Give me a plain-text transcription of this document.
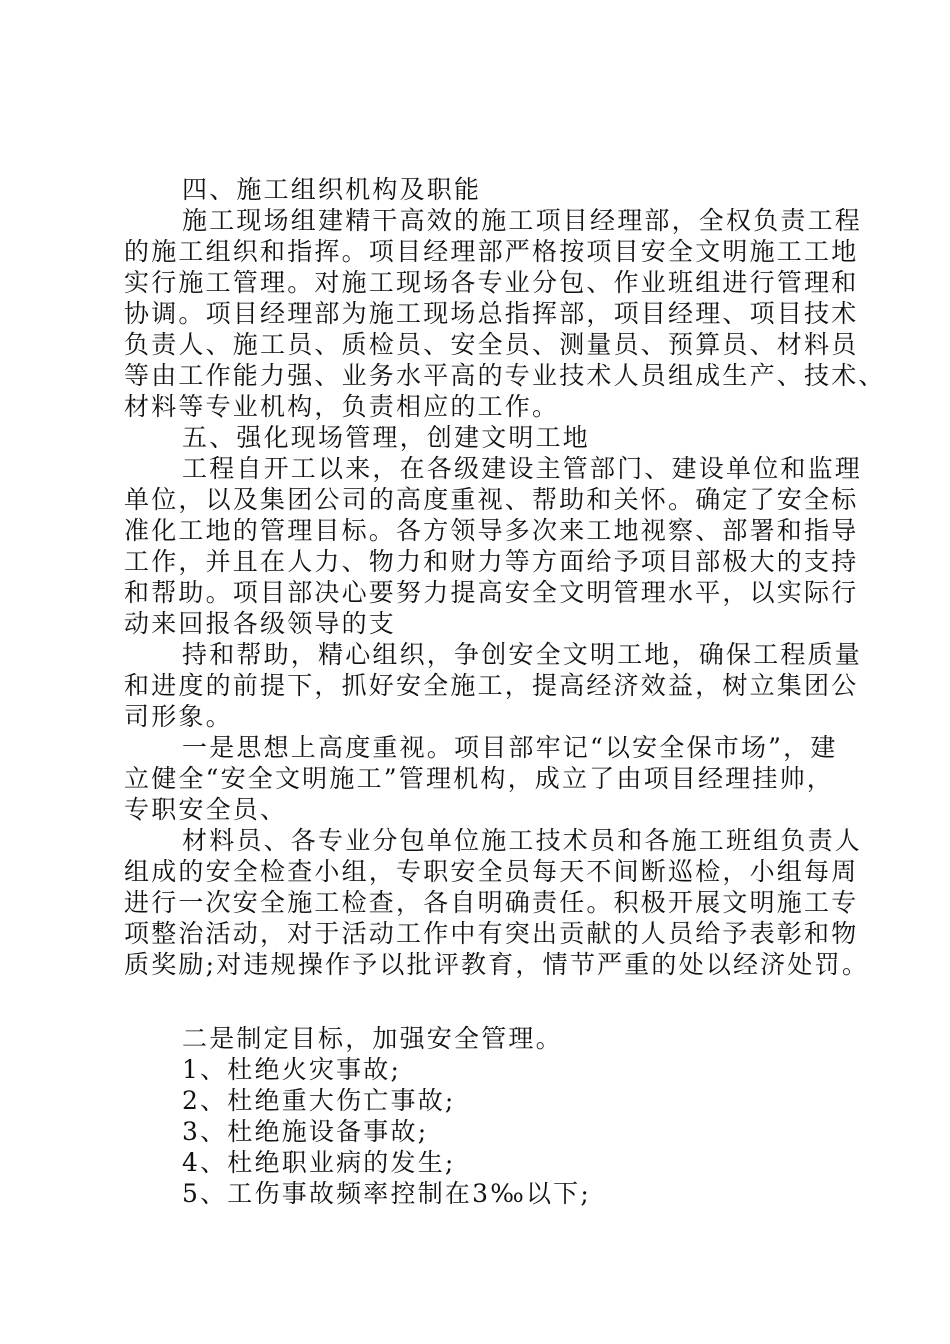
四、施工组织机构及职能
施工现场组建精干高效的施工项目经理部，全权负责工程
的施工组织和指挥。项目经理部严格按项目安全文明施工工地
实行施工管理。对施工现场各专业分包、作业班组进行管理和
协调。项目经理部为施工现场总指挥部，项目经理、项目技术
负责人、施工员、质检员、安全员、测量员、预算员、材料员
等由工作能力强、业务水平高的专业技术人员组成生产、技术、
材料等专业机构，负责相应的工作。
五、强化现场管理，创建文明工地
工程自开工以来，在各级建设主管部门、建设单位和监理
单位，以及集团公司的高度重视、帮助和关怀。确定了安全标
准化工地的管理目标。各方领导多次来工地视察、部署和指导
工作，并且在人力、物力和财力等方面给予项目部极大的支持
和帮助。项目部决心要努力提高安全文明管理水平，以实际行
动来回报各级领导的支
持和帮助，精心组织，争创安全文明工地，确保工程质量
和进度的前提下，抓好安全施工，提高经济效益，树立集团公
司形象。
一是思想上高度重视。项目部牢记“以安全保市场”，建
立健全“安全文明施工”管理机构，成立了由项目经理挂帅，
专职安全员、
材料员、各专业分包单位施工技术员和各施工班组负责人
组成的安全检查小组，专职安全员每天不间断巡检，小组每周
进行一次安全施工检查，各自明确责任。积极开展文明施工专
项整治活动，对于活动工作中有突出贡献的人员给予表彰和物
质奖励;对违规操作予以批评教育，情节严重的处以经济处罚。
二是制定目标，加强安全管理。
1、杜绝火灾事故;
2、杜绝重大伤亡事故;
3、杜绝施设备事故;
4、杜绝职业病的发生;
5、工伤事故频率控制在3‰以下;
